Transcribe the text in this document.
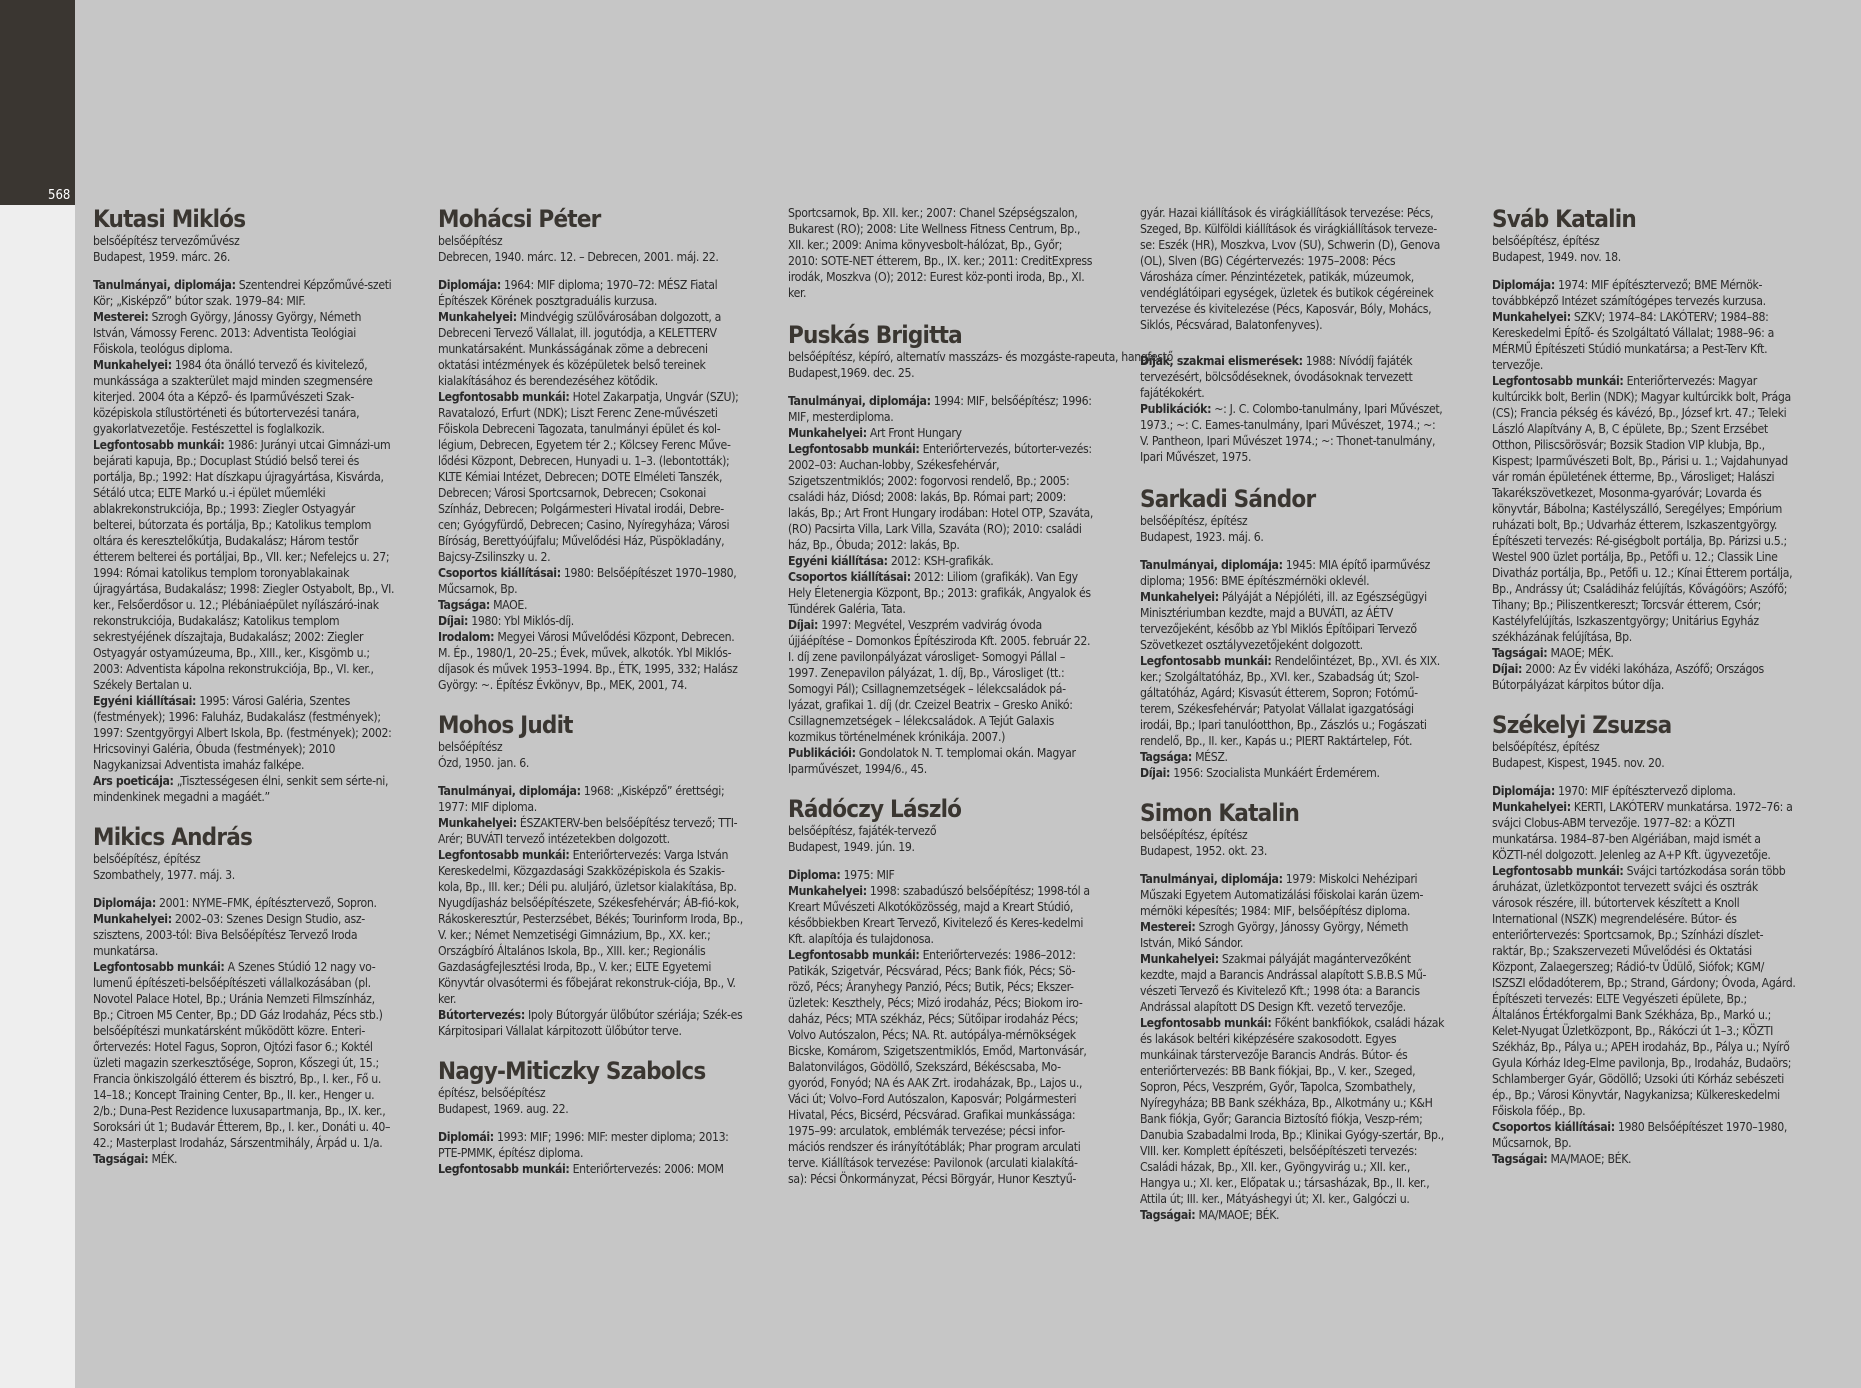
568
Kutasi Miklós
belsőépítész tervezőművész
Budapest, 1959. márc. 26.

Tanulmányai, diplomája: Szentendrei Képzőművé-szeti Kör; „Kisképző” bútor szak. 1979–84: MIF.

Mesterei: Szrogh György, Jánossy György, Németh István, Vámossy Ferenc. 2013: Adventista Teológiai Főiskola, teológus diploma.

Munkahelyei: 1984 óta önálló tervező és kivitelező, munkássága a szakterület majd minden szegmensére kiterjed. 2004 óta a Képző- és Iparművészeti Szak-középiskola stílustörténeti és bútortervezési tanára, gyakorlatvezetője. Festészettel is foglalkozik.

Legfontosabb munkái: 1986: Jurányi utcai Gimnázi-um bejárati kapuja, Bp.; Docuplast Stúdió belső terei és portálja, Bp.; 1992: Hat díszkapu újragyártása, Kisvárda, Sétáló utca; ELTE Markó u.-i épület műemléki ablakrekonstrukciója, Bp.; 1993: Ziegler Ostyagyár belterei, bútorzata és portálja, Bp.; Katolikus templom oltára és keresztelőkútja, Budakalász; Három testőr étterem belterei és portáljai, Bp., VII. ker.; Nefelejcs u. 27; 1994: Római katolikus templom toronyablakainak újragyártása, Budakalász; 1998: Ziegler Ostyabolt, Bp., VI. ker., Felsőerdősor u. 12.; Plébániaépület nyílászáró-inak rekonstrukciója, Budakalász; Katolikus templom sekrestyéjének díszajtaja, Budakalász; 2002: Ziegler Ostyagyár ostyamúzeuma, Bp., XIII., ker., Kisgömb u.; 2003: Adventista kápolna rekonstrukciója, Bp., VI. ker., Székely Bertalan u.

Egyéni kiállításai: 1995: Városi Galéria, Szentes (festmények); 1996: Faluház, Budakalász (festmények); 1997: Szentgyörgyi Albert Iskola, Bp. (festmények); 2002: Hricsovinyi Galéria, Óbuda (festmények); 2010 Nagykanizsai Adventista imaház falképe.

Ars poeticája: „Tisztességesen élni, senkit sem sérte-ni, mindenkinek megadni a magáét.”

Mikics András
belsőépítész, építész
Szombathely, 1977. máj. 3.

Diplomája: 2001: NYME–FMK, építésztervező, Sopron.

Munkahelyei: 2002–03: Szenes Design Studio, asz-szisztens, 2003-tól: Biva Belsőépítész Tervező Iroda munkatársa.

Legfontosabb munkái: A Szenes Stúdió 12 nagy vo-lumenű építészeti-belsőépítészeti vállalkozásában (pl. Novotel Palace Hotel, Bp.; Uránia Nemzeti Filmszínház, Bp.; Citroen M5 Center, Bp.; DD Gáz Irodaház, Pécs stb.) belsőépítészi munkatársként működött közre. Enteri-őrtervezés: Hotel Fagus, Sopron, Ojtózi fasor 6.; Koktél üzleti magazin szerkesztősége, Sopron, Kőszegi út, 15.; Francia önkiszolgáló étterem és bisztró, Bp., I. ker., Fő u. 14–18.; Koncept Training Center, Bp., II. ker., Henger u. 2/b.; Duna-Pest Rezidence luxusapartmanja, Bp., IX. ker., Soroksári út 1; Budavár Étterem, Bp., I. ker., Donáti u. 40–42.; Masterplast Irodaház, Sárszentmihály, Árpád u. 1/a.

Tagságai: MÉK.

Mohácsi Péter
belsőépítész
Debrecen, 1940. márc. 12. – Debrecen, 2001. máj. 22.

Diplomája: 1964: MIF diploma; 1970–72: MÉSZ Fiatal Építészek Körének posztgraduális kurzusa.

Munkahelyei: Mindvégig szülővárosában dolgozott, a Debreceni Tervező Vállalat, ill. jogutódja, a KELETTERV munkatársaként. Munkásságának zöme a debreceni oktatási intézmények és középületek belső tereinek kialakításához és berendezéséhez kötődik.

Legfontosabb munkái: Hotel Zakarpatja, Ungvár (SZU); Ravatalozó, Erfurt (NDK); Liszt Ferenc Zene-művészeti Főiskola Debreceni Tagozata, tanulmányi épület és kol-légium, Debrecen, Egyetem tér 2.; Kölcsey Ferenc Műve-lődési Központ, Debrecen, Hunyadi u. 1–3. (lebontották); KLTE Kémiai Intézet, Debrecen; DOTE Elméleti Tanszék, Debrecen; Városi Sportcsarnok, Debrecen; Csokonai Színház, Debrecen; Polgármesteri Hivatal irodái, Debre-cen; Gyógyfürdő, Debrecen; Casino, Nyíregyháza; Városi Bíróság, Berettyóújfalu; Művelődési Ház, Püspökladány, Bajcsy-Zsilinszky u. 2.

Csoportos kiállításai: 1980: Belsőépítészet 1970–1980, Műcsarnok, Bp.

Tagsága: MAOE.

Díjai: 1980: Ybl Miklós-díj.

Irodalom: Megyei Városi Művelődési Központ, Debrecen. M. Ép., 1980/1, 20–25.; Évek, művek, alkotók. Ybl Miklós-díjasok és művek 1953–1994. Bp., ÉTK, 1995, 332; Halász György: ~. Építész Évkönyv, Bp., MEK, 2001, 74.

Mohos Judit
belsőépítész
Ózd, 1950. jan. 6.

Tanulmányai, diplomája: 1968: „Kisképző” érettségi; 1977: MIF diploma.

Munkahelyei: ÉSZAKTERV-ben belsőépítész tervező; TTI-Arér; BUVÁTI tervező intézetekben dolgozott.

Legfontosabb munkái: Enteriőrtervezés: Varga István Kereskedelmi, Közgazdasági Szakközépiskola és Szakis-kola, Bp., III. ker.; Déli pu. aluljáró, üzletsor kialakítása, Bp. Nyugdíjasház belsőépítészete, Székesfehérvár; ÁB-fió-kok, Rákoskeresztúr, Pesterzsébet, Békés; Tourinform Iroda, Bp., V. ker.; Német Nemzetiségi Gimnázium, Bp., XX. ker.; Országbíró Általános Iskola, Bp., XIII. ker.; Regionális Gazdaságfejlesztési Iroda, Bp., V. ker.; ELTE Egyetemi Könyvtár olvasótermi és főbejárat rekonstruk-ciója, Bp., V. ker.

Bútortervezés: Ipoly Bútorgyár ülőbútor szériája; Szék-es Kárpitosipari Vállalat kárpitozott ülőbútor terve.

Nagy-Miticzky Szabolcs
építész, belsőépítész
Budapest, 1969. aug. 22.

Diplomái: 1993: MIF; 1996: MIF: mester diploma; 2013: PTE-PMMK, építész diploma.

Legfontosabb munkái: Enteriőrtervezés: 2006: MOM

Sportcsarnok, Bp. XII. ker.; 2007: Chanel Szépségszalon, Bukarest (RO); 2008: Lite Wellness Fitness Centrum, Bp., XII. ker.; 2009: Anima könyvesbolt-hálózat, Bp., Győr; 2010: SOTE-NET étterem, Bp., IX. ker.; 2011: CreditExpress irodák, Moszkva (O); 2012: Eurest köz-ponti iroda, Bp., XI. ker.

Puskás Brigitta
belsőépítész, képíró, alternatív masszázs- és mozgáste-rapeuta, hangfestő
Budapest,1969. dec. 25.

Tanulmányai, diplomája: 1994: MIF, belsőépítész; 1996: MIF, mesterdiploma.

Munkahelyei: Art Front Hungary

Legfontosabb munkái: Enteriőrtervezés, bútorter-vezés: 2002–03: Auchan-lobby, Székesfehérvár, Szigetszentmiklós; 2002: fogorvosi rendelő, Bp.; 2005: családi ház, Diósd; 2008: lakás, Bp. Római part; 2009: lakás, Bp.; Art Front Hungary irodában: Hotel OTP, Szaváta, (RO) Pacsirta Villa, Lark Villa, Szaváta (RO); 2010: családi ház, Bp., Óbuda; 2012: lakás, Bp.

Egyéni kiállítása: 2012: KSH-grafikák.

Csoportos kiállításai: 2012: Liliom (grafikák). Van Egy Hely Életenergia Központ, Bp.; 2013: grafikák, Angyalok és Tündérek Galéria, Tata.

Díjai: 1997: Megvétel, Veszprém vadvirág óvoda újjáépítése – Domonkos Építésziroda Kft. 2005. február 22. I. díj zene pavilonpályázat városliget- Somogyi Pállal – 1997. Zenepavilon pályázat, 1. díj, Bp., Városliget (tt.: Somogyi Pál); Csillagnemzetségek – lélekcsaládok pá-lyázat, grafikai 1. díj (dr. Czeizel Beatrix – Gresko Anikó: Csillagnemzetségek – lélekcsaládok. A Tejút Galaxis kozmikus történelmének krónikája. 2007.)

Publikációi: Gondolatok N. T. templomai okán. Magyar Iparművészet, 1994/6., 45.

Rádóczy László
belsőépítész, fajáték-tervező
Budapest, 1949. jún. 19.

Diploma: 1975: MIF

Munkahelyei: 1998: szabadúszó belsőépítész; 1998-tól a Kreart Művészeti Alkotóközösség, majd a Kreart Stúdió, későbbiekben Kreart Tervező, Kivitelező és Keres-kedelmi Kft. alapítója és tulajdonosa.

Legfontosabb munkái: Enteriőrtervezés: 1986–2012: Patikák, Szigetvár, Pécsvárad, Pécs; Bank fiók, Pécs; Sö-röző, Pécs; Áranyhegy Panzió, Pécs; Butik, Pécs; Ekszer-üzletek: Keszthely, Pécs; Mizó irodaház, Pécs; Biokom iro-daház, Pécs; MTA székház, Pécs; Sütőipar irodaház Pécs; Volvo Autószalon, Pécs; NA. Rt. autópálya-mérnökségek Bicske, Komárom, Szigetszentmiklós, Emőd, Martonvásár, Balatonvilágos, Gödöllő, Szekszárd, Békéscsaba, Mo-gyoród, Fonyód; NA és AAK Zrt. irodaházak, Bp., Lajos u., Váci út; Volvo–Ford Autószalon, Kaposvár; Polgármesteri Hivatal, Pécs, Bicsérd, Pécsvárad. Grafikai munkássága: 1975–99: arculatok, emblémák tervezése; pécsi infor-mációs rendszer és irányítótáblák; Phar program arculati terve. Kiállítások tervezése: Pavilonok (arculati kialakítá-sa): Pécsi Önkormányzat, Pécsi Börgyár, Hunor Kesztyű-

gyár. Hazai kiállítások és virágkiállítások tervezése: Pécs, Szeged, Bp. Külföldi kiállítások és virágkiállítások terveze-se: Eszék (HR), Moszkva, Lvov (SU), Schwerin (D), Genova (OL), Slven (BG) Cégértervezés: 1975–2008: Pécs Városháza címer. Pénzintézetek, patikák, múzeumok, vendéglátóipari egységek, üzletek és butikok cégéreinek tervezése és kivitelezése (Pécs, Kaposvár, Bóly, Mohács, Siklós, Pécsvárad, Balatonfenyves).

Díjak, szakmai elismerések: 1988: Nívódíj fajáték tervezésért, bölcsődéseknek, óvodásoknak tervezett fajátékokért.

Publikációk: ~: J. C. Colombo-tanulmány, Ipari Művészet, 1973.; ~: C. Eames-tanulmány, Ipari Művészet, 1974.; ~: V. Pantheon, Ipari Művészet 1974.; ~: Thonet-tanulmány, Ipari Művészet, 1975.

Sarkadi Sándor
belsőépítész, építész
Budapest, 1923. máj. 6.

Tanulmányai, diplomája: 1945: MIA építő iparművész diploma; 1956: BME építészmérnöki oklevél.

Munkahelyei: Pályáját a Népjóléti, ill. az Egészségügyi Minisztériumban kezdte, majd a BUVÁTI, az ÁÉTV tervezőjeként, később az Ybl Miklós Építőipari Tervező Szövetkezet osztályvezetőjeként dolgozott.

Legfontosabb munkái: Rendelőintézet, Bp., XVI. és XIX. ker.; Szolgáltatóház, Bp., XVI. ker., Szabadság út; Szol-gáltatóház, Agárd; Kisvasút étterem, Sopron; Fotómű-terem, Székesfehérvár; Patyolat Vállalat igazgatósági irodái, Bp.; Ipari tanulóotthon, Bp., Zászlós u.; Fogászati rendelő, Bp., II. ker., Kapás u.; PIERT Raktártelep, Fót.

Tagsága: MÉSZ.

Díjai: 1956: Szocialista Munkáért Érdemérem.

Simon Katalin
belsőépítész, építész
Budapest, 1952. okt. 23.

Tanulmányai, diplomája: 1979: Miskolci Nehézipari Műszaki Egyetem Automatizálási főiskolai karán üzem-mérnöki képesítés; 1984: MIF, belsőépítész diploma.

Mesterei: Szrogh György, Jánossy György, Németh István, Mikó Sándor.

Munkahelyei: Szakmai pályáját magántervezőként kezdte, majd a Barancis Andrással alapított S.B.B.S Mű-vészeti Tervező és Kivitelező Kft.; 1998 óta: a Barancis Andrással alapított DS Design Kft. vezető tervezője.

Legfontosabb munkái: Főként bankfiókok, családi házak és lakások beltéri kiképzésére szakosodott. Egyes munkáinak társtervezője Barancis András. Bútor- és enteriőrtervezés: BB Bank fiókjai, Bp., V. ker., Szeged, Sopron, Pécs, Veszprém, Győr, Tapolca, Szombathely, Nyíregyháza; BB Bank székháza, Bp., Alkotmány u.; K&H Bank fiókja, Győr; Garancia Biztosító fiókja, Veszp-rém; Danubia Szabadalmi Iroda, Bp.; Klinikai Gyógy-szertár, Bp., VIII. ker. Komplett építészeti, belsőépítészeti tervezés: Családi házak, Bp., XII. ker., Gyöngyvirág u.; XII. ker., Hangya u.; XI. ker., Előpatak u.; társasházak, Bp., II. ker., Attila út; III. ker., Mátyáshegyi út; XI. ker., Galgóczi u.

Tagságai: MA/MAOE; BÉK.

Sváb Katalin
belsőépítész, építész
Budapest, 1949. nov. 18.

Diplomája: 1974: MIF építésztervező; BME Mérnök-továbbképző Intézet számítógépes tervezés kurzusa.

Munkahelyei: SZKV; 1974–84: LAKÓTERV; 1984–88: Kereskedelmi Építő- és Szolgáltató Vállalat; 1988–96: a MÉRMŰ Építészeti Stúdió munkatársa; a Pest-Terv Kft. tervezője.

Legfontosabb munkái: Enteriőrtervezés: Magyar kultúrcikk bolt, Berlin (NDK); Magyar kultúrcikk bolt, Prága (CS); Francia pékség és kávézó, Bp., József krt. 47.; Teleki László Alapítvány A, B, C épülete, Bp.; Szent Erzsébet Otthon, Piliscsörösvár; Bozsik Stadion VIP klubja, Bp., Kispest; Iparművészeti Bolt, Bp., Párisi u. 1.; Vajdahunyad vár román épületének étterme, Bp., Városliget; Halászi Takarékszövetkezet, Mosonma-gyaróvár; Lovarda és könyvtár, Bábolna; Kastélyszálló, Seregélyes; Empórium ruházati bolt, Bp.; Udvarház étterem, Iszkaszentgyörgy. Építészeti tervezés: Ré-giségbolt portálja, Bp. Párizsi u.5.; Westel 900 üzlet portálja, Bp., Petőfi u. 12.; Classik Line Divatház portálja, Bp., Petőfi u. 12.; Kínai Étterem portálja, Bp., Andrássy út; Családiház felújítás, Kővágóörs; Aszófő; Tihany; Bp.; Piliszentkereszt; Torcsvár étterem, Csór; Kastélyfelújítás, Iszkaszentgyörgy; Unitárius Egyház székházának felújítása, Bp.

Tagságai: MAOE; MÉK.

Díjai: 2000: Az Év vidéki lakóháza, Aszófő; Országos Bútorpályázat kárpitos bútor díja.

Székelyi Zsuzsa
belsőépítész, építész
Budapest, Kispest, 1945. nov. 20.

Diplomája: 1970: MIF építésztervező diploma.

Munkahelyei: KERTI, LAKÓTERV munkatársa. 1972–76: a svájci Clobus-ABM tervezője. 1977–82: a KÖZTI munkatársa. 1984–87-ben Algériában, majd ismét a KÖZTI-nél dolgozott. Jelenleg az A+P Kft. ügyvezetője.

Legfontosabb munkái: Svájci tartózkodása során több áruházat, üzletközpontot tervezett svájci és osztrák városok részére, ill. bútortervek készített a Knoll International (NSZK) megrendelésére. Bútor- és enteriőrtervezés: Sportcsarnok, Bp.; Színházi díszlet-raktár, Bp.; Szakszervezeti Művelődési és Oktatási Központ, Zalaegerszeg; Rádió-tv Üdülő, Siófok; KGM/ ISZSZI elődadóterem, Bp.; Strand, Gárdony; Óvoda, Agárd. Építészeti tervezés: ELTE Vegyészeti épülete, Bp.; Általános Értékforgalmi Bank Székháza, Bp., Markó u.; Kelet-Nyugat Üzletközpont, Bp., Rákóczi út 1–3.; KÖZTI Székház, Bp., Pálya u.; APEH irodaház, Bp., Pálya u.; Nyírő Gyula Kórház Ideg-Elme pavilonja, Bp., Irodaház, Budaörs; Schlamberger Gyár, Gödöllő; Uzsoki úti Kórház sebészeti ép., Bp.; Városi Könyvtár, Nagykanizsa; Külkereskedelmi Főiskola főép., Bp.

Csoportos kiállításai: 1980 Belsőépítészet 1970–1980, Műcsarnok, Bp.

Tagságai: MA/MAOE; BÉK.
